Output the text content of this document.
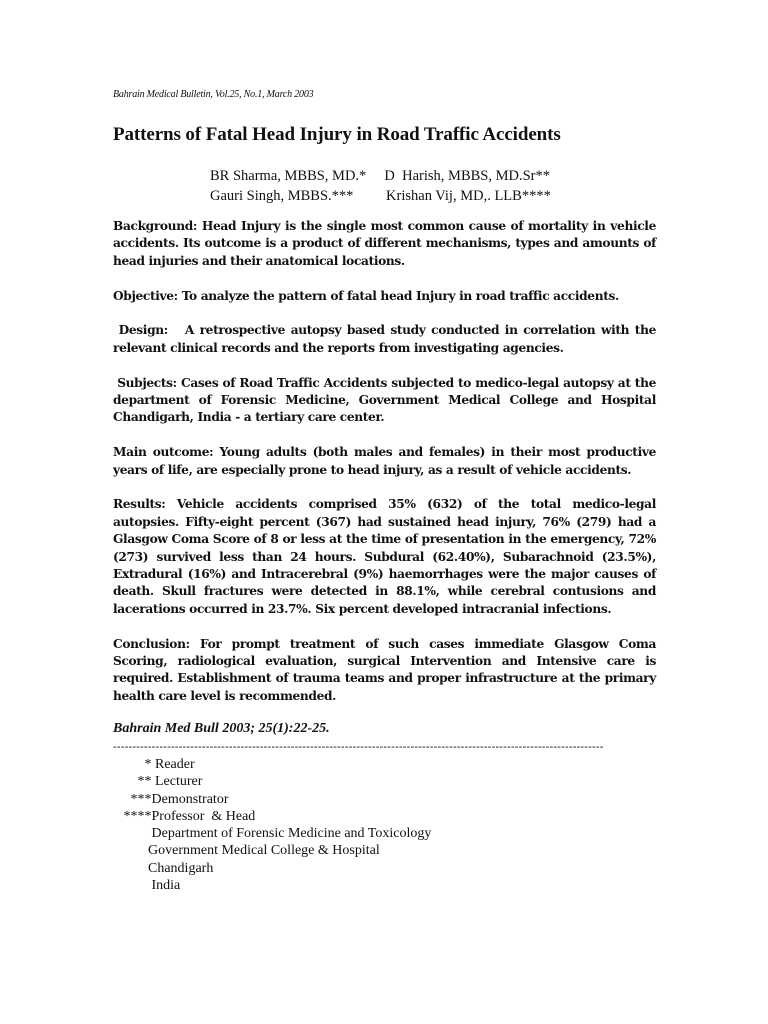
Bahrain Medical Bulletin, Vol.25, No.1, March 2003
Patterns of Fatal Head Injury in Road Traffic Accidents
BR Sharma, MBBS, MD.*     D  Harish, MBBS, MD.Sr**
Gauri Singh, MBBS.***         Krishan Vij, MD,. LLB****

Background: Head Injury is the single most common cause of mortality in vehicle accidents. Its outcome is a product of different mechanisms, types and amounts of head injuries and their anatomical locations.

Objective: To analyze the pattern of fatal head Injury in road traffic accidents.

Design:   A retrospective autopsy based study conducted in correlation with the relevant clinical records and the reports from investigating agencies.

Subjects: Cases of Road Traffic Accidents subjected to medico-legal autopsy at the department of Forensic Medicine, Government Medical College and Hospital Chandigarh, India - a tertiary care center.

Main outcome: Young adults (both males and females) in their most productive years of life, are especially prone to head injury, as a result of vehicle accidents.

Results: Vehicle accidents comprised 35% (632) of the total medico-legal autopsies. Fifty-eight percent (367) had sustained head injury, 76% (279) had a Glasgow Coma Score of 8 or less at the time of presentation in the emergency, 72% (273) survived less than 24 hours. Subdural (62.40%), Subarachnoid (23.5%), Extradural (16%) and Intracerebral (9%) haemorrhages were the major causes of death. Skull fractures were detected in 88.1%, while cerebral contusions and lacerations occurred in 23.7%. Six percent developed intracranial infections.

Conclusion: For prompt treatment of such cases immediate Glasgow Coma Scoring, radiological evaluation, surgical Intervention and Intensive care is required. Establishment of trauma teams and proper infrastructure at the primary health care level is recommended.

Bahrain Med Bull 2003; 25(1):22-25.
-------------------------------------------------------------------------------------------------------------------------------
* Reader
** Lecturer
***Demonstrator
****Professor  & Head
Department of Forensic Medicine and Toxicology
Government Medical College & Hospital
Chandigarh
India
